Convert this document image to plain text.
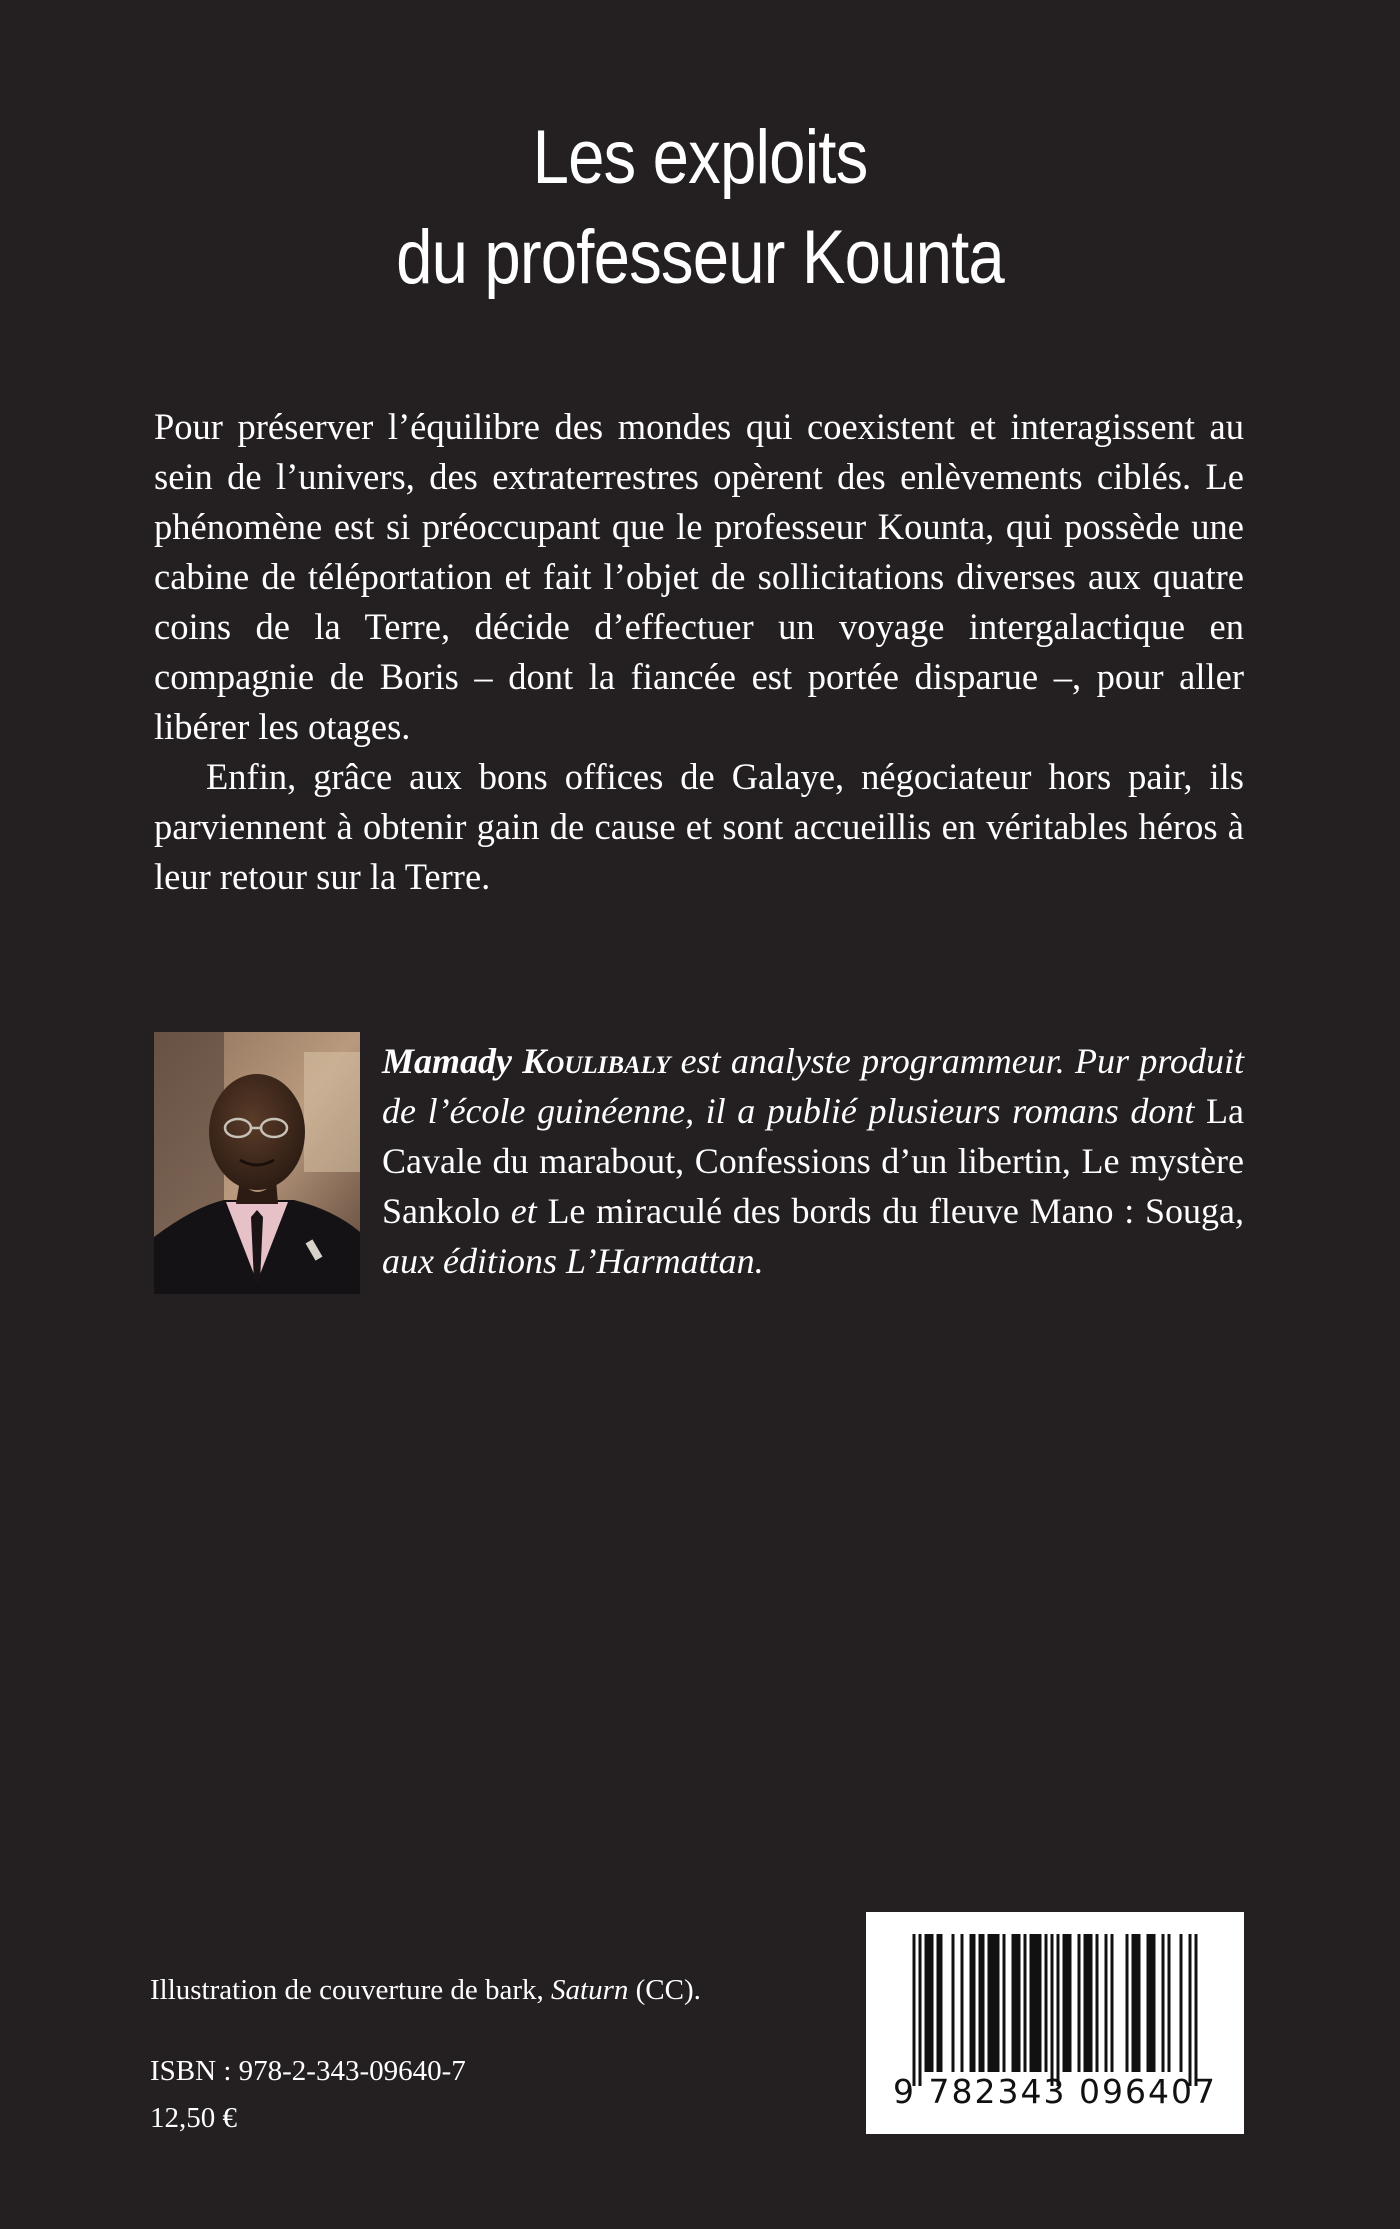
Les exploits
du professeur Kounta

Pour préserver l’équilibre des mondes qui coexistent et interagissent au sein de l’univers, des extraterrestres opèrent des enlèvements ciblés. Le phénomène est si préoccupant que le professeur Kounta, qui possède une cabine de téléportation et fait l’objet de sollicitations diverses aux quatre coins de la Terre, décide d’effectuer un voyage intergalactique en compagnie de Boris – dont la fiancée est portée disparue –, pour aller libérer les otages.

Enfin, grâce aux bons offices de Galaye, négociateur hors pair, ils parviennent à obtenir gain de cause et sont accueillis en véritables héros à leur retour sur la Terre.

Mamady Koulibaly est analyste programmeur. Pur produit de l’école guinéenne, il a publié plusieurs romans dont La Cavale du marabout, Confessions d’un libertin, Le mystère Sankolo et Le miraculé des bords du fleuve Mano : Souga, aux éditions L’Harmattan.
Illustration de couverture de bark, Saturn (CC).
ISBN : 978-2-343-09640-7
12,50 €
9 782343 096407
